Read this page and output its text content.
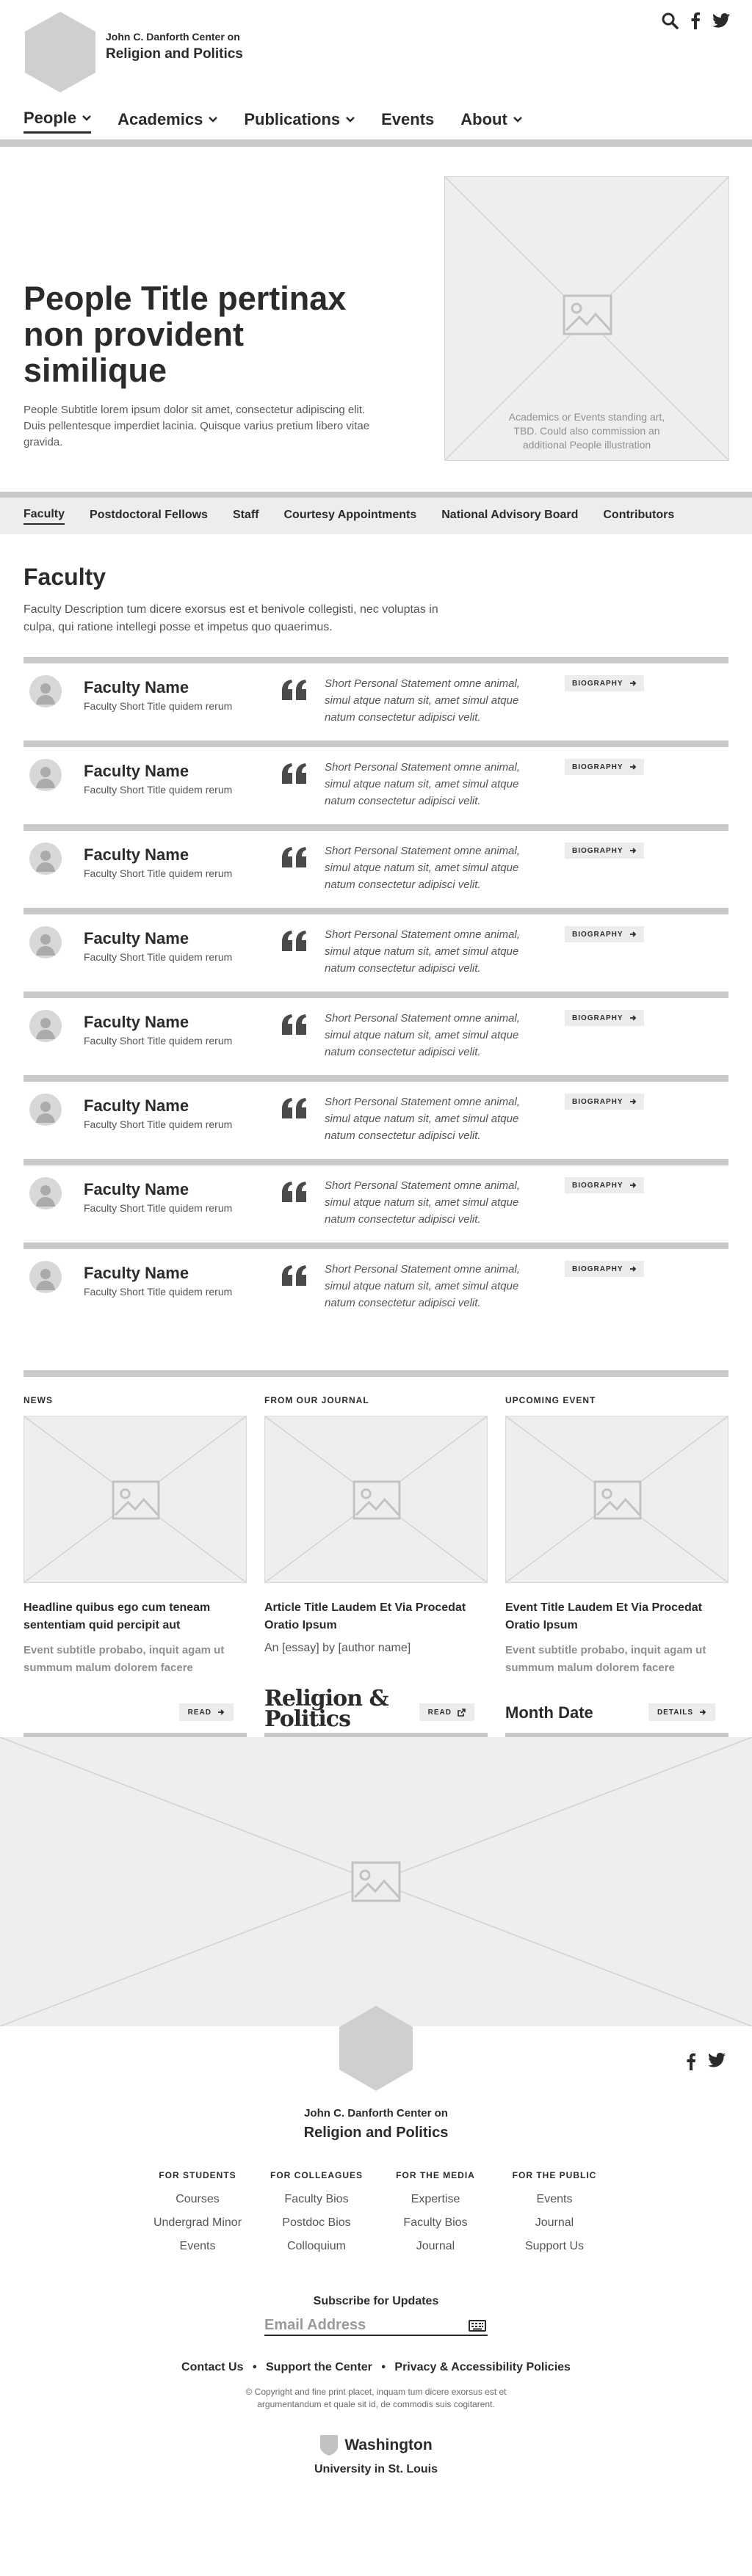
John C. Danforth Center on
Religion and Politics
People	Academics	Publications	Events About
People Title pertinax non provident similique

People Subtitle lorem ipsum dolor sit amet, consectetur adipiscing elit. Duis pellentesque imperdiet lacinia. Quisque varius pretium libero vitae gravida.

Academics or Events standing art, TBD. Could also commission an additional People illustration

Faculty Postdoctoral Fellows Staff Courtesy Appointments National Advisory Board Contributors
Faculty

Faculty Description tum dicere exorsus est et benivole collegisti, nec voluptas in culpa, qui ratione intellegi posse et impetus quo quaerimus.

Faculty Name
Faculty Short Title quidem rerum
Short Personal Statement omne animal, simul atque natum sit, amet simul atque natum consectetur adipisci velit.
BIOGRAPHY
Faculty Name
Faculty Short Title quidem rerum
Short Personal Statement omne animal, simul atque natum sit, amet simul atque natum consectetur adipisci velit.
BIOGRAPHY
Faculty Name
Faculty Short Title quidem rerum
Short Personal Statement omne animal, simul atque natum sit, amet simul atque natum consectetur adipisci velit.
BIOGRAPHY
Faculty Name
Faculty Short Title quidem rerum
Short Personal Statement omne animal, simul atque natum sit, amet simul atque natum consectetur adipisci velit.
BIOGRAPHY
Faculty Name
Faculty Short Title quidem rerum
Short Personal Statement omne animal, simul atque natum sit, amet simul atque natum consectetur adipisci velit.
BIOGRAPHY
Faculty Name
Faculty Short Title quidem rerum
Short Personal Statement omne animal, simul atque natum sit, amet simul atque natum consectetur adipisci velit.
BIOGRAPHY
Faculty Name
Faculty Short Title quidem rerum
Short Personal Statement omne animal, simul atque natum sit, amet simul atque natum consectetur adipisci velit.
BIOGRAPHY
Faculty Name
Faculty Short Title quidem rerum
Short Personal Statement omne animal, simul atque natum sit, amet simul atque natum consectetur adipisci velit.
BIOGRAPHY
NEWS
Headline quibus ego cum teneam sententiam quid percipit aut
Event subtitle probabo, inquit agam ut summum malum dolorem facere
READ
FROM OUR JOURNAL
Article Title Laudem Et Via Procedat Oratio Ipsum
An [essay] by [author name]
Religion &
Politics	READ
UPCOMING EVENT
Event Title Laudem Et Via Procedat Oratio Ipsum
Event subtitle probabo, inquit agam ut summum malum dolorem facere
Month Date	DETAILS
John C. Danforth Center on
Religion and Politics
FOR STUDENTS
Courses
Undergrad Minor
Events
FOR COLLEAGUES
Faculty Bios
Postdoc Bios
Colloquium
FOR THE MEDIA
Expertise
Faculty Bios
Journal
FOR THE PUBLIC
Events
Journal
Support Us
Subscribe for Updates
Email Address
Contact Us • Support the Center • Privacy & Accessibility Policies

© Copyright and fine print placet, inquam tum dicere exorsus est et argumentandum et quale sit id, de commodis suis cogitarent.

Washington
University in St. Louis
